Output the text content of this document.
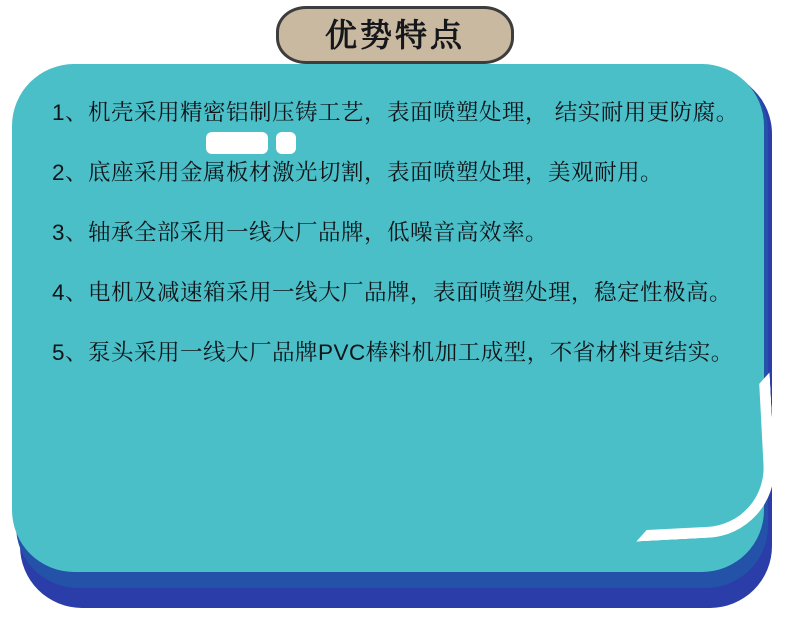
优势特点
1、机壳采用精密铝制压铸工艺，表面喷塑处理， 结实耐用更防腐。
2、底座采用金属板材激光切割，表面喷塑处理，美观耐用。
3、轴承全部采用一线大厂品牌，低噪音高效率。
4、电机及减速箱采用一线大厂品牌，表面喷塑处理，稳定性极高。
5、泵头采用一线大厂品牌PVC棒料机加工成型，不省材料更结实。
